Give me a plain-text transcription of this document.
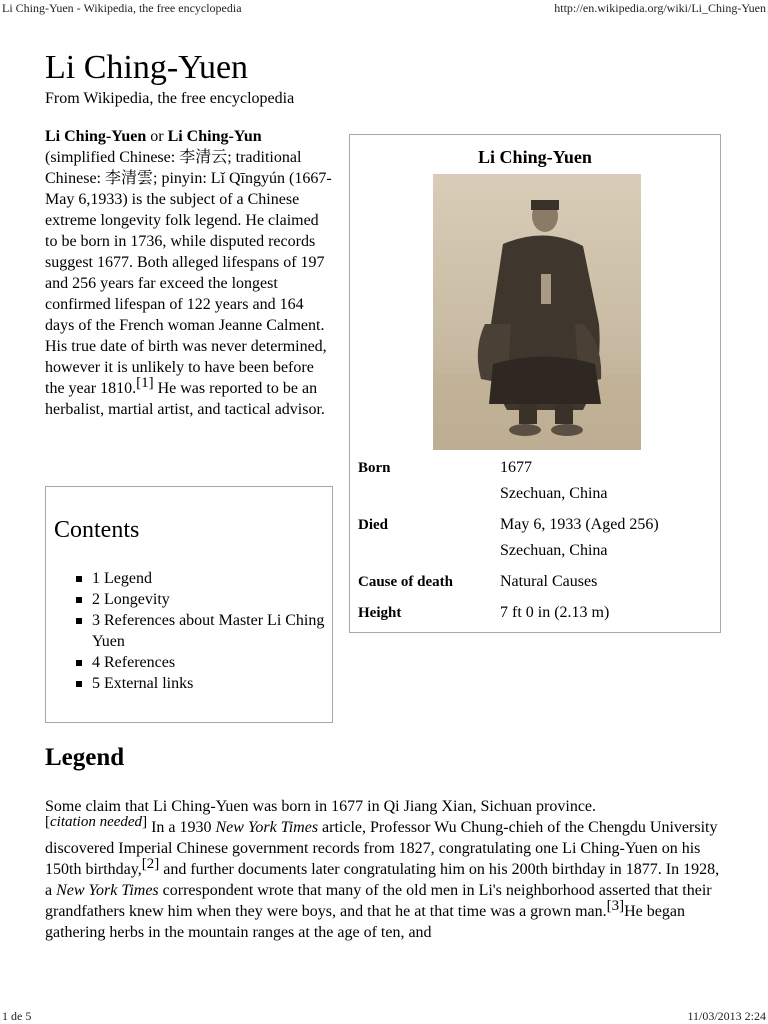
Li Ching-Yuen - Wikipedia, the free encyclopedia	http://en.wikipedia.org/wiki/Li_Ching-Yuen
Li Ching-Yuen
From Wikipedia, the free encyclopedia

Li Ching-Yuen or Li Ching-Yun (simplified Chinese: 李清云; traditional Chinese: 李清雲; pinyin: Lǐ Qīngyún (1667- May 6,1933) is the subject of a Chinese extreme longevity folk legend. He claimed to be born in 1736, while disputed records suggest 1677. Both alleged lifespans of 197 and 256 years far exceed the longest confirmed lifespan of 122 years and 164 days of the French woman Jeanne Calment. His true date of birth was never determined, however it is unlikely to have been before the year 1810.[1] He was reported to be an herbalist, martial artist, and tactical advisor.

Li Ching-Yuen
Born	1677
Szechuan, China
Died	May 6, 1933 (Aged 256)
Szechuan, China
Cause of death	Natural Causes
Height	7 ft 0 in (2.13 m)
Contents
1 Legend
2 Longevity
3 References about Master Li Ching Yuen
4 References
5 External links
Legend

Some claim that Li Ching-Yuen was born in 1677 in Qi Jiang Xian, Sichuan province.
[citation needed] In a 1930 New York Times article, Professor Wu Chung-chieh of the Chengdu University discovered Imperial Chinese government records from 1827, congratulating one Li Ching-Yuen on his 150th birthday,[2] and further documents later congratulating him on his 200th birthday in 1877. In 1928, a New York Times correspondent wrote that many of the old men in Li's neighborhood asserted that their grandfathers knew him when they were boys, and that he at that time was a grown man.[3]He began gathering herbs in the mountain ranges at the age of ten, and

1 de 5	11/03/2013 2:24
